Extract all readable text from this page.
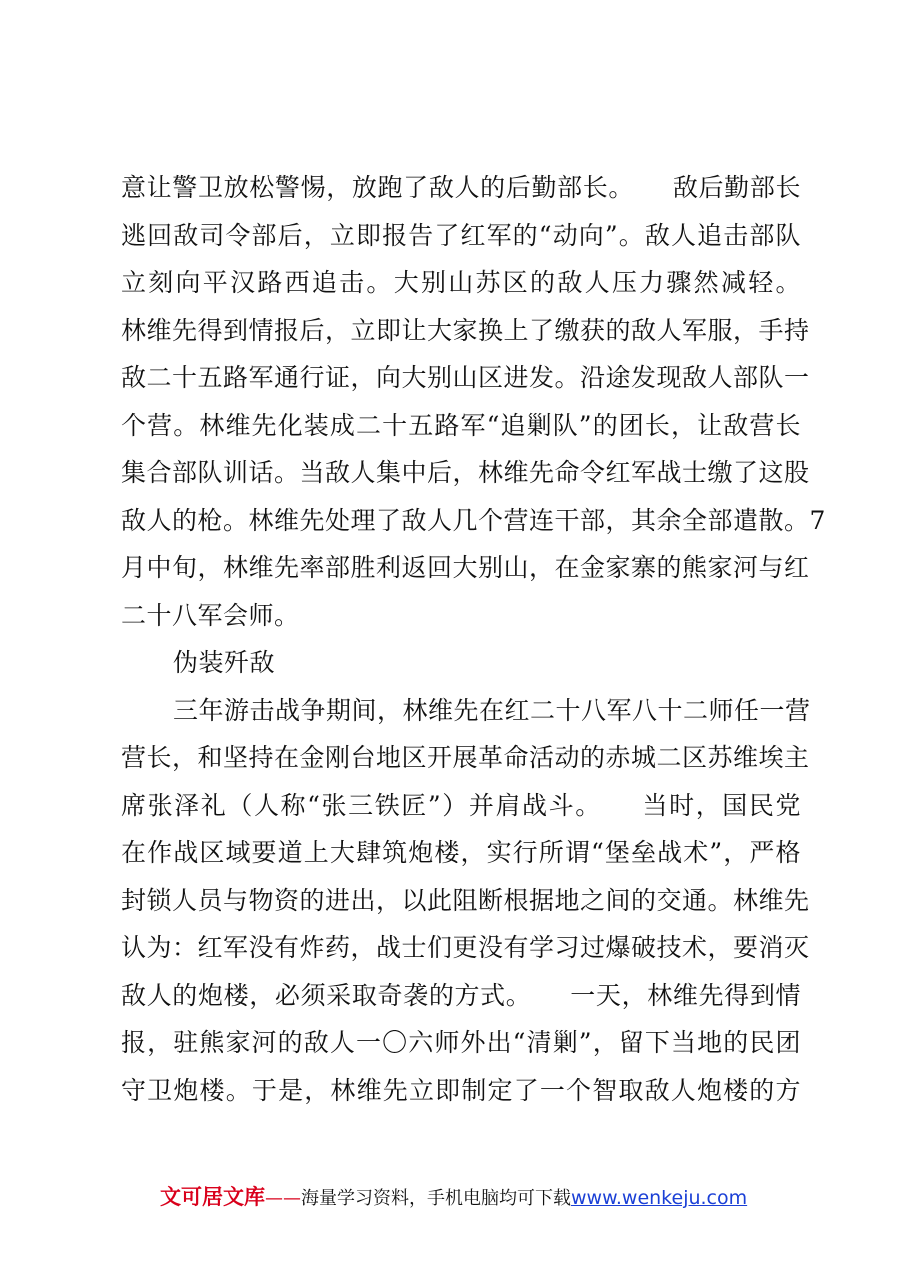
意让警卫放松警惕，放跑了敌人的后勤部长。　　敌后勤部长
逃回敌司令部后，立即报告了红军的“动向”。敌人追击部队
立刻向平汉路西追击。大别山苏区的敌人压力骤然减轻。
林维先得到情报后，立即让大家换上了缴获的敌人军服，手持
敌二十五路军通行证，向大别山区进发。沿途发现敌人部队一
个营。林维先化装成二十五路军“追剿队”的团长，让敌营长
集合部队训话。当敌人集中后，林维先命令红军战士缴了这股
敌人的枪。林维先处理了敌人几个营连干部，其余全部遣散。7
月中旬，林维先率部胜利返回大别山，在金家寨的熊家河与红
二十八军会师。
伪装歼敌
三年游击战争期间，林维先在红二十八军八十二师任一营
营长，和坚持在金刚台地区开展革命活动的赤城二区苏维埃主
席张泽礼（人称“张三铁匠”）并肩战斗。　　当时，国民党
在作战区域要道上大肆筑炮楼，实行所谓“堡垒战术”，严格
封锁人员与物资的进出，以此阻断根据地之间的交通。林维先
认为：红军没有炸药，战士们更没有学习过爆破技术，要消灭
敌人的炮楼，必须采取奇袭的方式。　　一天，林维先得到情
报，驻熊家河的敌人一〇六师外出“清剿”，留下当地的民团
守卫炮楼。于是，林维先立即制定了一个智取敌人炮楼的方
文可居文库——海量学习资料，手机电脑均可下载www.wenkeju.com
